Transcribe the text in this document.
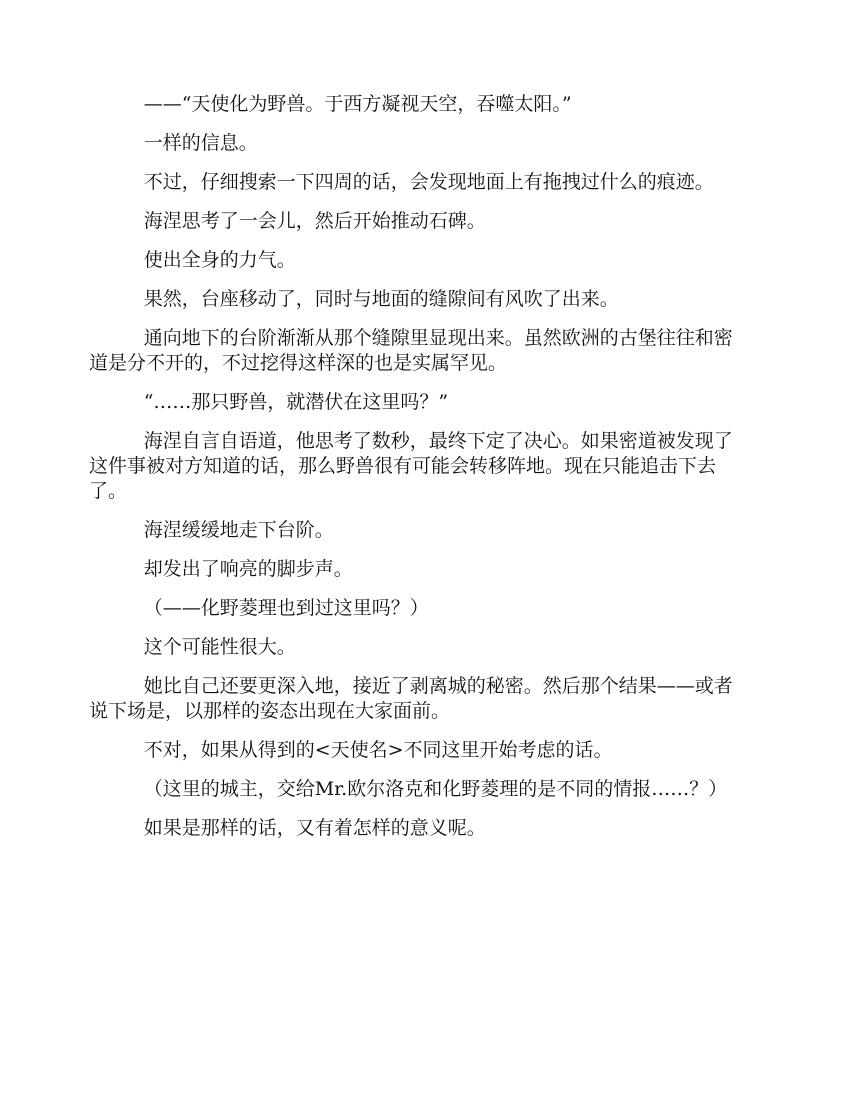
——“天使化为野兽。于西方凝视天空，吞噬太阳。”

一样的信息。

不过，仔细搜索一下四周的话，会发现地面上有拖拽过什么的痕迹。

海涅思考了一会儿，然后开始推动石碑。

使出全身的力气。

果然，台座移动了，同时与地面的缝隙间有风吹了出来。

通向地下的台阶渐渐从那个缝隙里显现出来。虽然欧洲的古堡往往和密道是分不开的，不过挖得这样深的也是实属罕见。

“……那只野兽，就潜伏在这里吗？”

海涅自言自语道，他思考了数秒，最终下定了决心。如果密道被发现了这件事被对方知道的话，那么野兽很有可能会转移阵地。现在只能追击下去了。

海涅缓缓地走下台阶。

却发出了响亮的脚步声。

（——化野菱理也到过这里吗？）

这个可能性很大。

她比自己还要更深入地，接近了剥离城的秘密。然后那个结果——或者说下场是，以那样的姿态出现在大家面前。

不对，如果从得到的<天使名>不同这里开始考虑的话。

（这里的城主，交给Mr.欧尔洛克和化野菱理的是不同的情报……？）

如果是那样的话，又有着怎样的意义呢。
